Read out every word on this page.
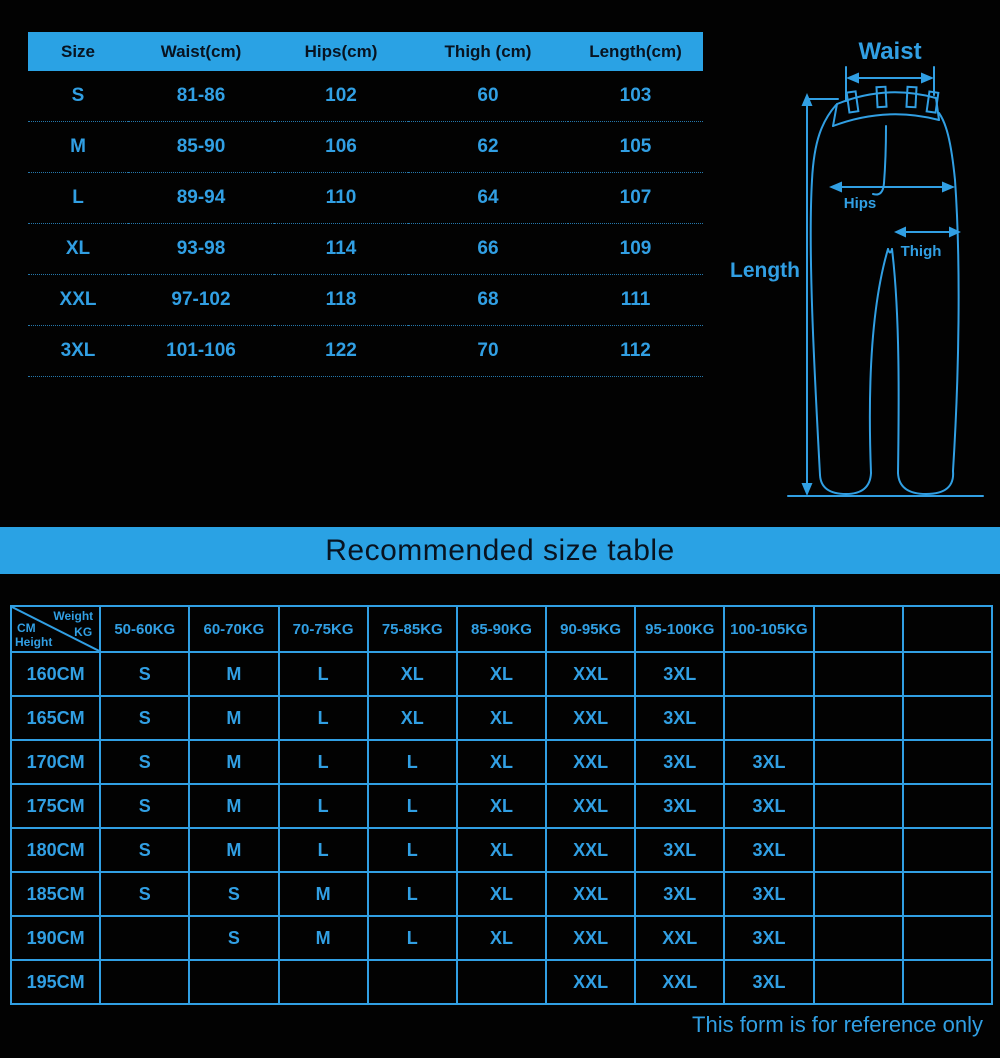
Size	Waist(cm)	Hips(cm)	Thigh (cm)	Length(cm)
S	81-86	102	60	103
M	85-90	106	62	105
L	89-94	110	64	107
XL	93-98	114	66	109
XXL	97-102	118	68	111
3XL	101-106	122	70	112
Waist
Hips
Thigh
Length
Recommended size table
Weight
KG
CM
Height	50-60KG	60-70KG	70-75KG	75-85KG	85-90KG	90-95KG	95-100KG	100-105KG		
160CM	S	M	L	XL	XL	XXL	3XL			
165CM	S	M	L	XL	XL	XXL	3XL			
170CM	S	M	L	L	XL	XXL	3XL	3XL		
175CM	S	M	L	L	XL	XXL	3XL	3XL		
180CM	S	M	L	L	XL	XXL	3XL	3XL		
185CM	S	S	M	L	XL	XXL	3XL	3XL		
190CM		S	M	L	XL	XXL	XXL	3XL		
195CM						XXL	XXL	3XL		
This form is for reference only
